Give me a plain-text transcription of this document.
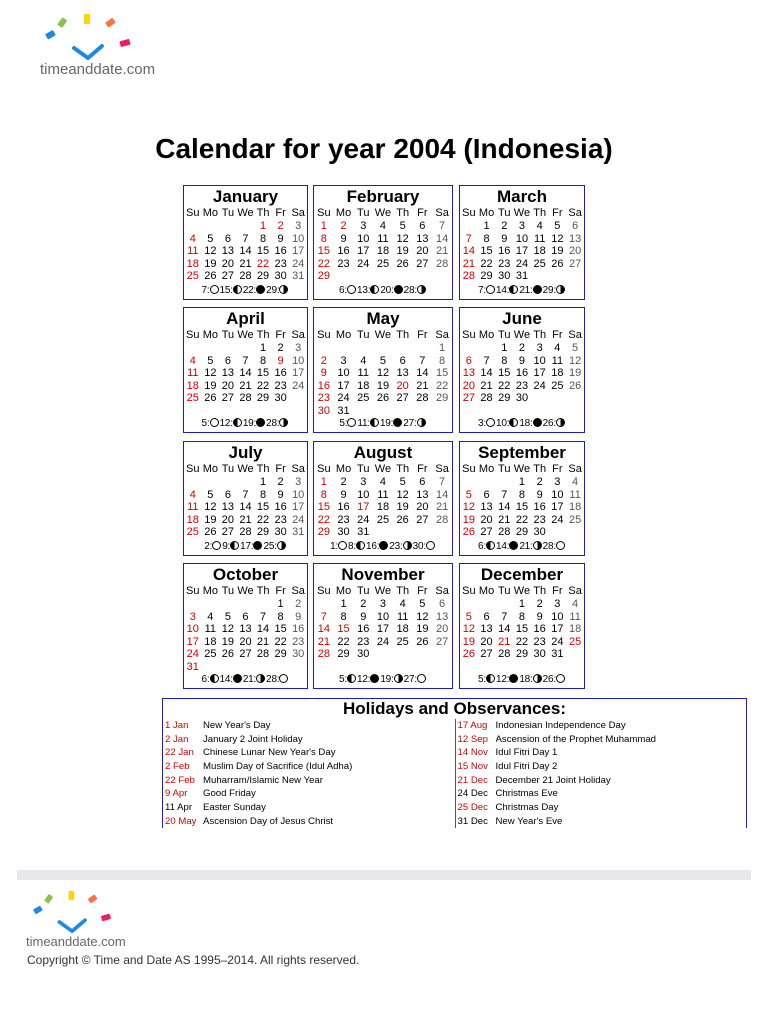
timeanddate.com
Calendar for year 2004 (Indonesia)
January
Su	Mo	Tu	We	Th	Fr	Sa
				1	2	3
4	5	6	7	8	9	10
11	12	13	14	15	16	17
18	19	20	21	22	23	24
25	26	27	28	29	30	31
7: 15: 22: 29:
February
Su	Mo	Tu	We	Th	Fr	Sa
1	2	3	4	5	6	7
8	9	10	11	12	13	14
15	16	17	18	19	20	21
22	23	24	25	26	27	28
29						
6: 13: 20: 28:
March
Su	Mo	Tu	We	Th	Fr	Sa
	1	2	3	4	5	6
7	8	9	10	11	12	13
14	15	16	17	18	19	20
21	22	23	24	25	26	27
28	29	30	31			
7: 14: 21: 29:
April
Su	Mo	Tu	We	Th	Fr	Sa
				1	2	3
4	5	6	7	8	9	10
11	12	13	14	15	16	17
18	19	20	21	22	23	24
25	26	27	28	29	30	
5: 12: 19: 28:
May
Su	Mo	Tu	We	Th	Fr	Sa
						1
2	3	4	5	6	7	8
9	10	11	12	13	14	15
16	17	18	19	20	21	22
23	24	25	26	27	28	29
30	31					
5: 11: 19: 27:
June
Su	Mo	Tu	We	Th	Fr	Sa
		1	2	3	4	5
6	7	8	9	10	11	12
13	14	15	16	17	18	19
20	21	22	23	24	25	26
27	28	29	30			
3: 10: 18: 26:
July
Su	Mo	Tu	We	Th	Fr	Sa
				1	2	3
4	5	6	7	8	9	10
11	12	13	14	15	16	17
18	19	20	21	22	23	24
25	26	27	28	29	30	31
2: 9: 17: 25:
August
Su	Mo	Tu	We	Th	Fr	Sa
1	2	3	4	5	6	7
8	9	10	11	12	13	14
15	16	17	18	19	20	21
22	23	24	25	26	27	28
29	30	31				
1: 8: 16: 23: 30:
September
Su	Mo	Tu	We	Th	Fr	Sa
			1	2	3	4
5	6	7	8	9	10	11
12	13	14	15	16	17	18
19	20	21	22	23	24	25
26	27	28	29	30		
6: 14: 21: 28:
October
Su	Mo	Tu	We	Th	Fr	Sa
					1	2
3	4	5	6	7	8	9
10	11	12	13	14	15	16
17	18	19	20	21	22	23
24	25	26	27	28	29	30
31						
6: 14: 21: 28:
November
Su	Mo	Tu	We	Th	Fr	Sa
	1	2	3	4	5	6
7	8	9	10	11	12	13
14	15	16	17	18	19	20
21	22	23	24	25	26	27
28	29	30				
5: 12: 19: 27:
December
Su	Mo	Tu	We	Th	Fr	Sa
			1	2	3	4
5	6	7	8	9	10	11
12	13	14	15	16	17	18
19	20	21	22	23	24	25
26	27	28	29	30	31	
5: 12: 18: 26:
Holidays and Observances:
1 Jan	New Year's Day
2 Jan	January 2 Joint Holiday
22 Jan Chinese Lunar New Year's Day
2 Feb	Muslim Day of Sacrifice (Idul Adha)
22 Feb Muharram/Islamic New Year
9 Apr	Good Friday
11 Apr	Easter Sunday
20 May Ascension Day of Jesus Christ
17 Aug Indonesian Independence Day
12 Sep Ascension of the Prophet Muhammad
14 Nov Idul Fitri Day 1
15 Nov Idul Fitri Day 2
21 Dec December 21 Joint Holiday
24 Dec Christmas Eve
25 Dec Christmas Day
31 Dec New Year's Eve
timeanddate.com
Copyright © Time and Date AS 1995–2014. All rights reserved.
